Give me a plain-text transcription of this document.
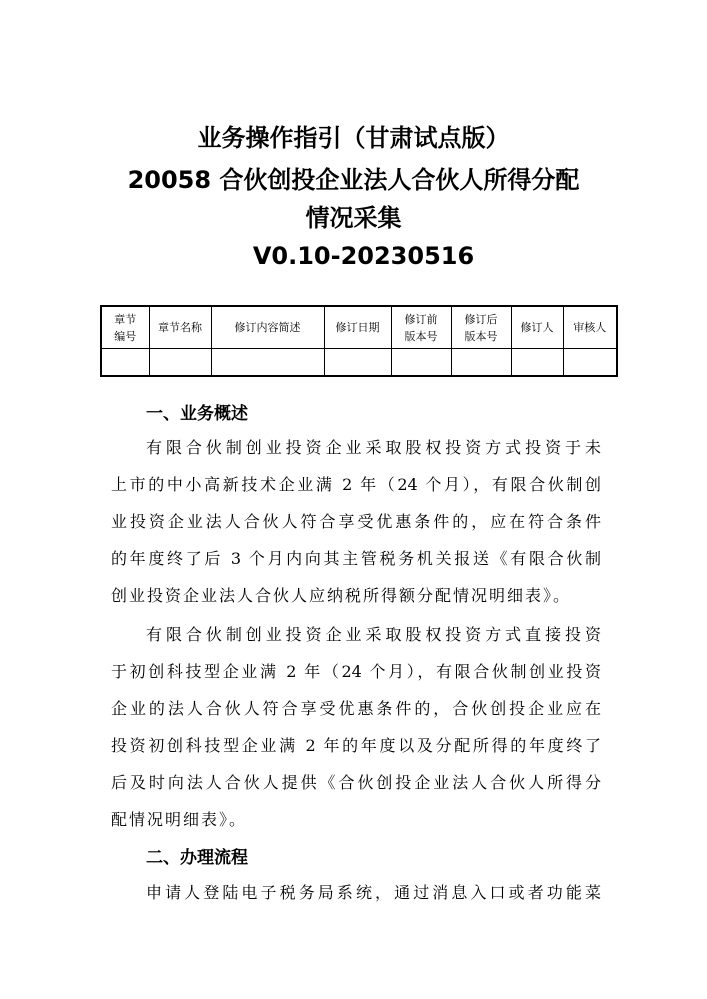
业务操作指引（甘肃试点版）
20058 合伙创投企业法人合伙人所得分配
情况采集
V0.10-20230516
章节编号	章节名称	修订内容简述	修订日期	修订前版本号	修订后版本号	修订人	审核人

一、业务概述

有限合伙制创业投资企业采取股权投资方式投资于未

上市的中小高新技术企业满 2 年（24 个月），有限合伙制创

业投资企业法人合伙人符合享受优惠条件的，应在符合条件

的年度终了后 3 个月内向其主管税务机关报送《有限合伙制

创业投资企业法人合伙人应纳税所得额分配情况明细表》。

有限合伙制创业投资企业采取股权投资方式直接投资

于初创科技型企业满 2 年（24 个月），有限合伙制创业投资

企业的法人合伙人符合享受优惠条件的，合伙创投企业应在

投资初创科技型企业满 2 年的年度以及分配所得的年度终了

后及时向法人合伙人提供《合伙创投企业法人合伙人所得分

配情况明细表》。

二、办理流程

申请人登陆电子税务局系统，通过消息入口或者功能菜
